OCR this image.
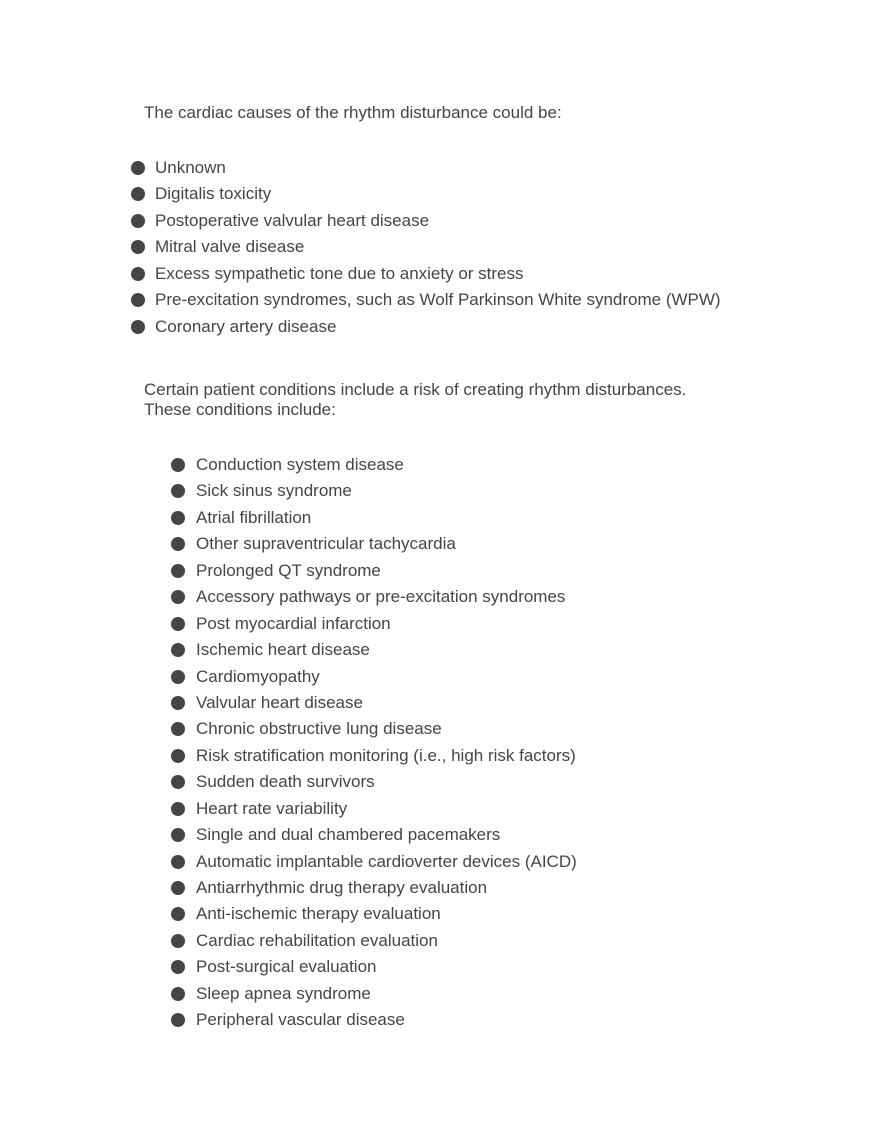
The cardiac causes of the rhythm disturbance could be:

Unknown
Digitalis toxicity
Postoperative valvular heart disease
Mitral valve disease
Excess sympathetic tone due to anxiety or stress
Pre-excitation syndromes, such as Wolf Parkinson White syndrome (WPW)
Coronary artery disease

Certain patient conditions include a risk of creating rhythm disturbances.
These conditions include:

Conduction system disease
Sick sinus syndrome
Atrial fibrillation
Other supraventricular tachycardia
Prolonged QT syndrome
Accessory pathways or pre-excitation syndromes
Post myocardial infarction
Ischemic heart disease
Cardiomyopathy
Valvular heart disease
Chronic obstructive lung disease
Risk stratification monitoring (i.e., high risk factors)
Sudden death survivors
Heart rate variability
Single and dual chambered pacemakers
Automatic implantable cardioverter devices (AICD)
Antiarrhythmic drug therapy evaluation
Anti-ischemic therapy evaluation
Cardiac rehabilitation evaluation
Post-surgical evaluation
Sleep apnea syndrome
Peripheral vascular disease
